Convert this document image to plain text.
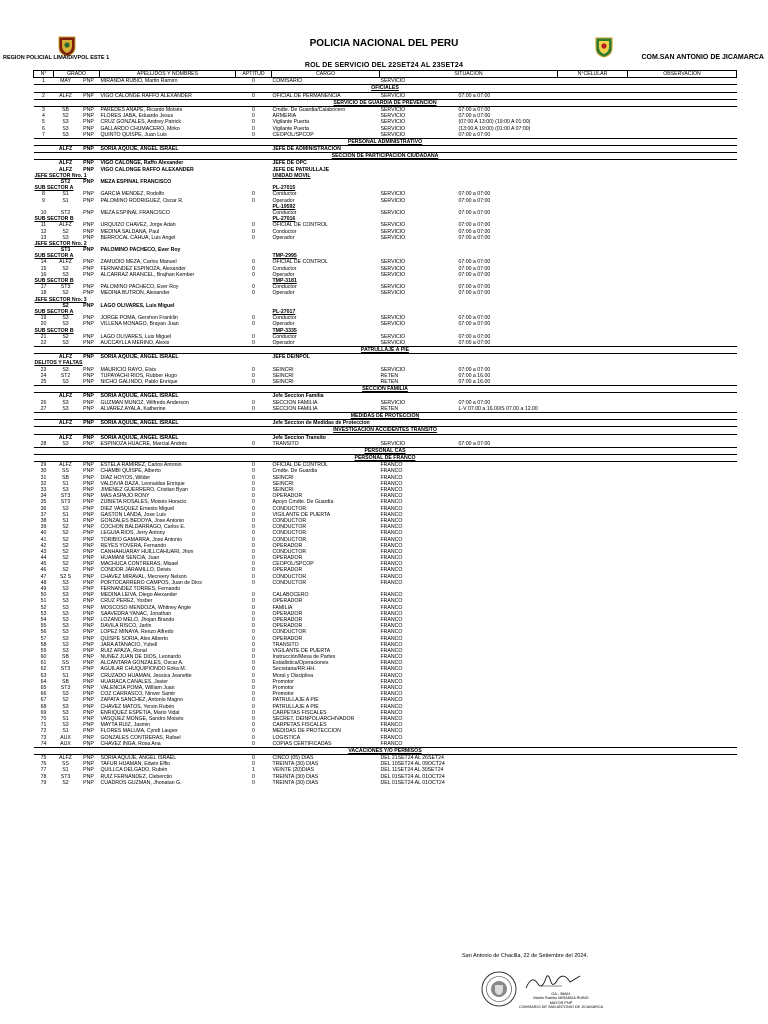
POLICIA NACIONAL DEL PERU
REGION POLICIAL LIMA/DIVPOL ESTE 1	COM.SAN ANTONIO DE JICAMARCA
ROL DE SERVICIO DEL 22SET24 AL 23SET24
N°	GRADO		APELLIDOS Y NOMBRES	APTITUD	CARGO	SITUACIÓN		N°CELULAR	OBSERVACION
1	MAY	PNP	MIRANDA RUBIO, Martin Ramiro	0	COMISARIO	SERVICIO			
OFICIALES									
2	ALFZ	PNP	VIGO CALONGE RAFFO ALEXANDER	0	OFICIAL DE PERMANENCIA	SERVICIO	07:00 a 07:00		
SERVICIO DE GUARDIA DE PREVENCION									
3	SB	PNP	PAREDES ANAPE, Ricardo Moisés	0	Cmdte. De Guardia/Calabocero	SERVICIO	07:00 a 07:00		
4	S2	PNP	FLORES JABA, Eduardo Jesus	0	ARMERIA	SERVICIO	07:00 a 07:00		
5	S3	PNP	CRUZ GONZALES, Andrey Patrick	0	Vigilante Puerta	SERVICIO	(07:00 A 13:00) (19:00 A 01:00)		
6	S3	PNP	GALLARDO CHUMACERO, Mirko	0	Vigilante Puerta	SERVICIO	(13:00 A 19:00) (01:00 A 07:00)		
7	S3	PNP	QUINTO QUISPE, Juan Luis	0	CEOPOL/SPCOP	SERVICIO	07:00 a 07:00		
PERSONAL ADMINISTRATIVO									
	ALFZ	PNP	SORIA AQUIJE, ANGEL ISRAEL		JEFE DE ADMINISTRACION				
SECCION DE PARTICIPACION CIUDADANA									
	ALFZ	PNP	VIGO CALONGE, Raffo Alexander		JEFE DE OPC				
	ALFZ	PNP	VIGO CALONGE RAFFO ALEXANDER		JEFE DE PATRULLAJE				
JEFE SECTOR Nro. 1					UNIDAD MOVIL				
	ST2	PNP	MEZA ESPINAL FRANCISCO						
SUB SECTOR A					PL-27015				
8	S1	PNP	GARCIA MENDEZ, Rodolfo	0	Conductor	SERVICIO	07:00 a 07:00		
9	S1	PNP	PALOMINO RODRIGUEZ, Oscar R.	0	Operador	SERVICIO	07:00 a 07:00		
					PL-19592				
10	ST2	PNP	MEZA ESPINAL FRANCISCO		Conductor	SERVICIO	07:00 a 07:00		
SUB SECTOR B					PL-27016				
11	ALFZ	PNP	URQUIZO CHAVEZ, Jorge Adan	0	OFICIAL DE CONTROL	SERVICIO	07:00 a 07:00		
12	S2	PNP	MEDINA SALDAÑA, Paul	0	Conductor	SERVICIO	07:00 a 07:00		
13	S3	PNP	BERROCAL CAHUA, Luis Angel	0	Operador	SERVICIO	07:00 a 07:00		
JEFE SECTOR Nro. 2									
	ST3	PNP	PALOMINO PACHECO, Ever Roy						
SUB SECTOR A					TMP-2995				
14	ALFZ	PNP	ZAMUDIO MEZA, Carlos Manuel	0	OFICIAL DE CONTROL	SERVICIO	07:00 a 07:00		
15	S2	PNP	FERNANDEZ ESPINOZA, Alexander	0	Conductor	SERVICIO	07:00 a 07:00		
16	S3	PNP	ALCARRAZ ARANCEL, Brajhan Kember	0	Operador	SERVICIO	07:00 a 07:00		
SUB SECTOR B					TMP-3181				
17	ST3	PNP	PALOMINO PACHECO, Ever Roy	0	Conductor	SERVICIO	07:00 a 07:00		
18	S2	PNP	MEDINA BUTRON, Alexander	0	Operador	SERVICIO	07:00 a 07:00		
JEFE SECTOR Nro. 3									
	S2	PNP	LAGO OLIVARES, Luis Miguel						
SUB SECTOR A					PL-27017				
19	S3	PNP	JORGE POMA, Gershon Franklin	0	Conductor	SERVICIO	07:00 a 07:00		
20	S3	PNP	VILLENA MONAGO, Brayan Juan	0	Operador	SERVICIO	07:00 a 07:00		
SUB SECTOR B					TMP-3335				
21	S2	PNP	LAGO OLIVARES, Luis Miguel	0	Conductor	SERVICIO	07:00 a 07:00		
22	S3	PNP	AUCCAYLLA MERINO, Alexis	0	Operador	SERVICIO	07:00 a 07:00		
PATRULLAJE A PIE									
	ALFZ	PNP	SORIA AQUIJE, ANGEL ISRAEL		JEFE DEINPOL				
DELITOS Y FALTAS									
23	S3	PNP	MAURICIO RAYO, Elvis	0	SEINCRI	SERVICIO	07:00 a 07:00		
24	ST2	PNP	TUPAYACHI RIOS, Rubber Hugo	0	SEINCRI	RETEN	07:00 a 16.00		
25	S3	PNP	NICHO GALINDO, Pablo Enrique	0	SEINCRI	RETEN	07:00 a 16.00		
SECCION FAMILIA									
	ALFZ	PNP	SORIA AQUIJE, ANGEL ISRAEL		Jefe Seccion Familia				
26	S3	PNP	GUZMAN MUÑOZ, Wilfredo Anderson	0	SECCION FAMILIA	SERVICIO	07:00 a 07:00		
27	S3	PNP	ALVAREZ AYALA, Katherine	0	SECCION FAMILIA	RETEN	L-V 07.00 a 16.00/S 07.00 a 12.00		
MEDIDAS DE PROTECCION									
	ALFZ	PNP	SORIA AQUIJE, ANGEL ISRAEL		Jefe Seccion de Medidas de Proteccion				
INVESTIGACION ACCIDENTES TRANSITO									
	ALFZ	PNP	SORIA AQUIJE, ANGEL ISRAEL		Jefe Seccion Transito				
28	S3	PNP	ESPINOZA HUACRE, Marcial Andrés	0	TRANSITO	SERVICIO	07:00 a 07:00		
PERSONAL CAS									
PERSONAL DE FRANCO									
29	ALFZ	PNP	ESTELA RAMIREZ, Carlos Antonio	0	OFICIAL DE CONTROL	FRANCO			
30	SS	PNP	CHAMBI QUISPE, Alberto	0	Cmdte. De Guardia	FRANCO			
31	SB	PNP	DIAZ HOYOS, Wilder	0	SEINCRI	FRANCO			
32	S1	PNP	VALDIVIA DAZA, Leonaidas Enrique	0	SEINCRI	FRANCO			
33	S3	PNP	JIMENEZ GUERRERO, Cristian Byan	0	SEINCRI	FRANCO			
34	ST3	PNP	MAS ASPAJO RONY	0	OPERADOR	FRANCO			
35	ST3	PNP	ZUBIETA ROSALES, Moisés Horacio	0	Apoyo Cmdte. De Guardia	FRANCO			
36	S3	PNP	DIEZ VASQUEZ Ernesto Miguel	0	CONDUCTOR	FRANCO			
37	S1	PNP	GASTON LANDA, Jose Luis	0	VIGILANTE DE PUERTA	FRANCO			
38	S1	PNP	GONZALES BEDOYA, Jose Antonio	0	CONDUCTOR	FRANCO			
39	S2	PNP	COCHON BALDARRAGO, Carlos E.	0	CONDUCTOR	FRANCO			
40	S2	PNP	LEGUIA RIOS, Jerry Antony	0	CONDUCTOR	FRANCO			
41	S2	PNP	TORIBIO GAMARRA, Jose Antonio	0	CONDUCTOR	FRANCO			
42	S2	PNP	REYES YOVERA, Fernando	0	OPERADOR	FRANCO			
43	S2	PNP	CAÑHAHUARAY HUILLCAHUARI, Jhon	0	CONDUCTOR	FRANCO			
44	S2	PNP	HUAMANI SENCIA, Juan	0	OPERADOR	FRANCO			
45	S2	PNP	MACHUCA CONTRERAS, Misael	0	CEOPOL/SPCOP	FRANCO			
46	S2	PNP	CONDOR JARAMILLO, Deivis	0	OPERADOR	FRANCO			
47	S2 S	PNP	CHAVEZ MIRAVAL, Mecreery Nelson	0	CONDUCTOR	FRANCO			
48	S3	PNP	PORTOCARRERO CAMPOS, Juan de Dios	0	CONDUCTOR	FRANCO			
49	S3	PNP	FERNANDEZ TORRES, Fernando						
50	S3	PNP	MEDINA LEIVA, Diego Alexander	0	CALABOCERO	FRANCO			
51	S3	PNP	CRUZ PEREZ, Yosber	0	OPERADOR	FRANCO			
52	S3	PNP	MOSCOSO MENDOZA, Whitney Angie	0	FAMILIA	FRANCO			
53	S3	PNP	SAAVEDRA YANAC, Jonathan	0	OPERADOR	FRANCO			
54	S3	PNP	LOZANO MELO, Jhojan Brando	0	OPERADOR	FRANCO			
55	S3	PNP	DAVILA RISCO, Jarlin	0	OPERADOR	FRANCO			
56	S3	PNP	LOPEZ MINAYA, Renzo Alfredo	0	CONDUCTOR	FRANCO			
57	S3	PNP	QUISPE SORIA, Alex Alberto	0	OPERADOR	FRANCO			
58	S3	PNP	JARA ATANACIO, Yubell	0	TRANSITO	FRANCO			
59	S3	PNP	RUIZ APAZA, Ronal	0	VIGILANTE DE PUERTA	FRANCO			
60	SB	PNP	NUÑEZ JUAN DE DIOS, Leonardo	0	Instrucción/Mesa de Partes	FRANCO			
61	SS	PNP	ALCANTARA GONZALES, Oscar A.	0	Estadistica/Operaciones	FRANCO			
62	ST3	PNP	AGUILAR CHUQUIPIONDO Erika M.	0	Secretaria/RR.HH.	FRANCO			
63	S1	PNP	CRUZADO HUAMAN, Jessica Jeanette	0	Moral y Disciplina	FRANCO			
64	SB	PNP	HUARACA CANALES, Javier	0	Promotor	FRANCO			
65	ST3	PNP	VALENCIA POMA, William Juan	0	Promotor	FRANCO			
66	S3	PNP	COZ CARRASCO, Ninver Samir	0	Promotor	FRANCO			
67	S2	PNP	ZAPATA SANCHEZ, Antonio Magno	0	PATRULLAJE A PIE	FRANCO			
68	S3	PNP	CHAVEZ MATOS, Yersin Rubén	0	PATRULLAJE A PIE	FRANCO			
69	S3	PNP	ENRIQUEZ ESPETIA, Mario Vidal	0	CARPETAS FISCALES	FRANCO			
70	S1	PNP	VASQUEZ MONGE, Sandro Moisés	0	SECRET. DEINPOL/ARCHIVADOR	FRANCO			
71	S3	PNP	MAYTA RUIZ, Jasmin	0	CARPETAS FISCALES	FRANCO			
72	S1	PNP	FLORES MALLMA, Cyndi Lauper	0	MEDIDAS DE PROTECCION	FRANCO			
73	AUX	PNP	GONZALES CONTRERAS, Rafael	0	LOGISTICA	FRANCO			
74	AUX	PNP	CHAVEZ INGA, Rosa Ana	0	COPIAS CERTIFICADAS	FRANCO			
VACACIONES Y/O PERMISOS									
75	ALFZ	PNP	SORIA AQUIJE, ANGEL ISRAEL	0	CINCO (05) DIAS	DEL 21SET24 AL 26SET24			
76	SS	PNP	TAFUR HUAMAN, Edwin Effio	0	TREINTA (30) DIAS	DEL 10SET24 AL 09OCT24			
77	S1	PNP	QUILLCA DELGADO, Rubén	1	VEINTE (20)DIAS	DEL 11SET24 AL 30SET24			
78	ST3	PNP	RUIZ FERNANDEZ, Cleberctio	0	TREINTA (30) DIAS	DEL 01SET24 AL 01OCT24			
79	S2	PNP	CUADROS GUZMAN, Jhonatan G.	0	TREINTA (30) DIAS	DEL 01SET24 AL 01OCT24			
San Antonio de Chacllla, 22 de Setiembre del 2024.
OA - 36661
Martin Ramiro MIRANDA RUBIO
MAYOR PNP
COMISARIO DE SAN ANTONIO DE JICAMARCA
